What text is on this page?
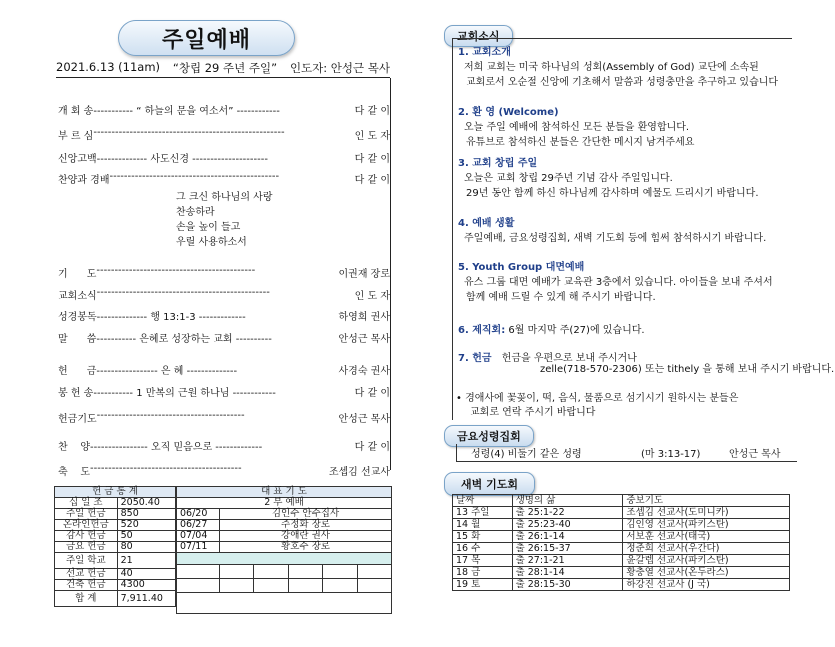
주일예배
2021.6.13 (11am) “창립 29 주년 주일” 인도자: 안성근 목사
개 회 송 ----------- “ 하늘의 문을 여소서” ------------	다 같 이
부 르 심 -----------------------------------------------------	인 도 자
신앙고백 -------------- 사도신경 ---------------------	다 같 이
찬양과 경배 -----------------------------------------------	다 같 이
기      도 --------------------------------------------	이권재 장로
교회소식 ------------------------------------------------	인 도 자
성경봉독 -------------- 행 13:1-3 -------------	하영희 권사
말      씀 ----------- 은혜로 성장하는 교회 ----------	안성근 목사
헌      금 ----------------- 은 혜 --------------	사경숙 권사
봉 헌 송 ----------- 1 만복의 근원 하나님 ------------	다 같 이
헌금기도 -----------------------------------------	안성근 목사
찬    양 ---------------- 오직 믿음으로 -------------	다 같 이
축    도 ------------------------------------------	조셉김 선교사
그 크신 하나님의 사랑
찬송하라
손을 높이 들고
우릴 사용하소서
헌 금 통 계	
십 일 조	2050.40
주일 헌금	850
온라인헌금	520
감사 헌금	50
금요 헌금	80
주일 학교	21
선교 헌금	40
건축 헌금	4300
합 계	7,911.40
대 표 기 도					
2 부 예배					
06/20	김인수 안수집사				
06/27	주정화 장로				
07/04	강애란 권사				
07/11	황호수 장로				

교회소식
1. 교회소개
저희 교회는 미국 하나님의 성회(Assembly of God) 교단에 소속된
교회로서 오순절 신앙에 기초해서 말씀과 성령충만을 추구하고 있습니다
2. 환 영 (Welcome)
오늘 주일 예배에 참석하신 모든 분들을 환영합니다.
유튜브로 참석하신 분들은 간단한 메시지 남겨주세요
3. 교회 창립 주일
오늘은 교회 창립 29주년 기념 감사 주일입니다.
29년 동안 함께 하신 하나님께 감사하며 예물도 드리시기 바랍니다.
4. 예배 생활
주일예배, 금요성령집회, 새벽 기도회 등에 힘써 참석하시기 바랍니다.
5. Youth Group 대면예배
유스 그룹 대면 예배가 교육관 3층에서 있습니다. 아이들을 보내 주셔서
함께 예배 드릴 수 있게 해 주시기 바랍니다.
6. 제직회: 6월 마지막 주(27)에 있습니다.
7. 헌금 헌금을 우편으로 보내 주시거나
zelle(718-570-2306) 또는 tithely 을 통해 보내 주시기 바랍니다.
• 경애사에 꽃꽂이, 떡, 음식, 물품으로 섬기시기 원하시는 분들은
교회로 연락 주시기 바랍니다
금요성령집회
성령(4) 비둘기 같은 성령	(마 3:13-17)	안성근 목사
새벽 기도회
날짜	생명의 삶	중보기도
13 주일	출 25:1-22	조셉김 선교사(도미니카)
14 월	출 25:23-40	김인영 선교사(파키스탄)
15 화	출 26:1-14	서보훈 선교사(태국)
16 수	출 26:15-37	정준희 선교사(우간다)
17 목	출 27:1-21	윤갈렙 선교사(파키스탄)
18 금	출 28:1-14	황충열 선교사(온두라스)
19 토	출 28:15-30	하강진 선교사 (J 국)
